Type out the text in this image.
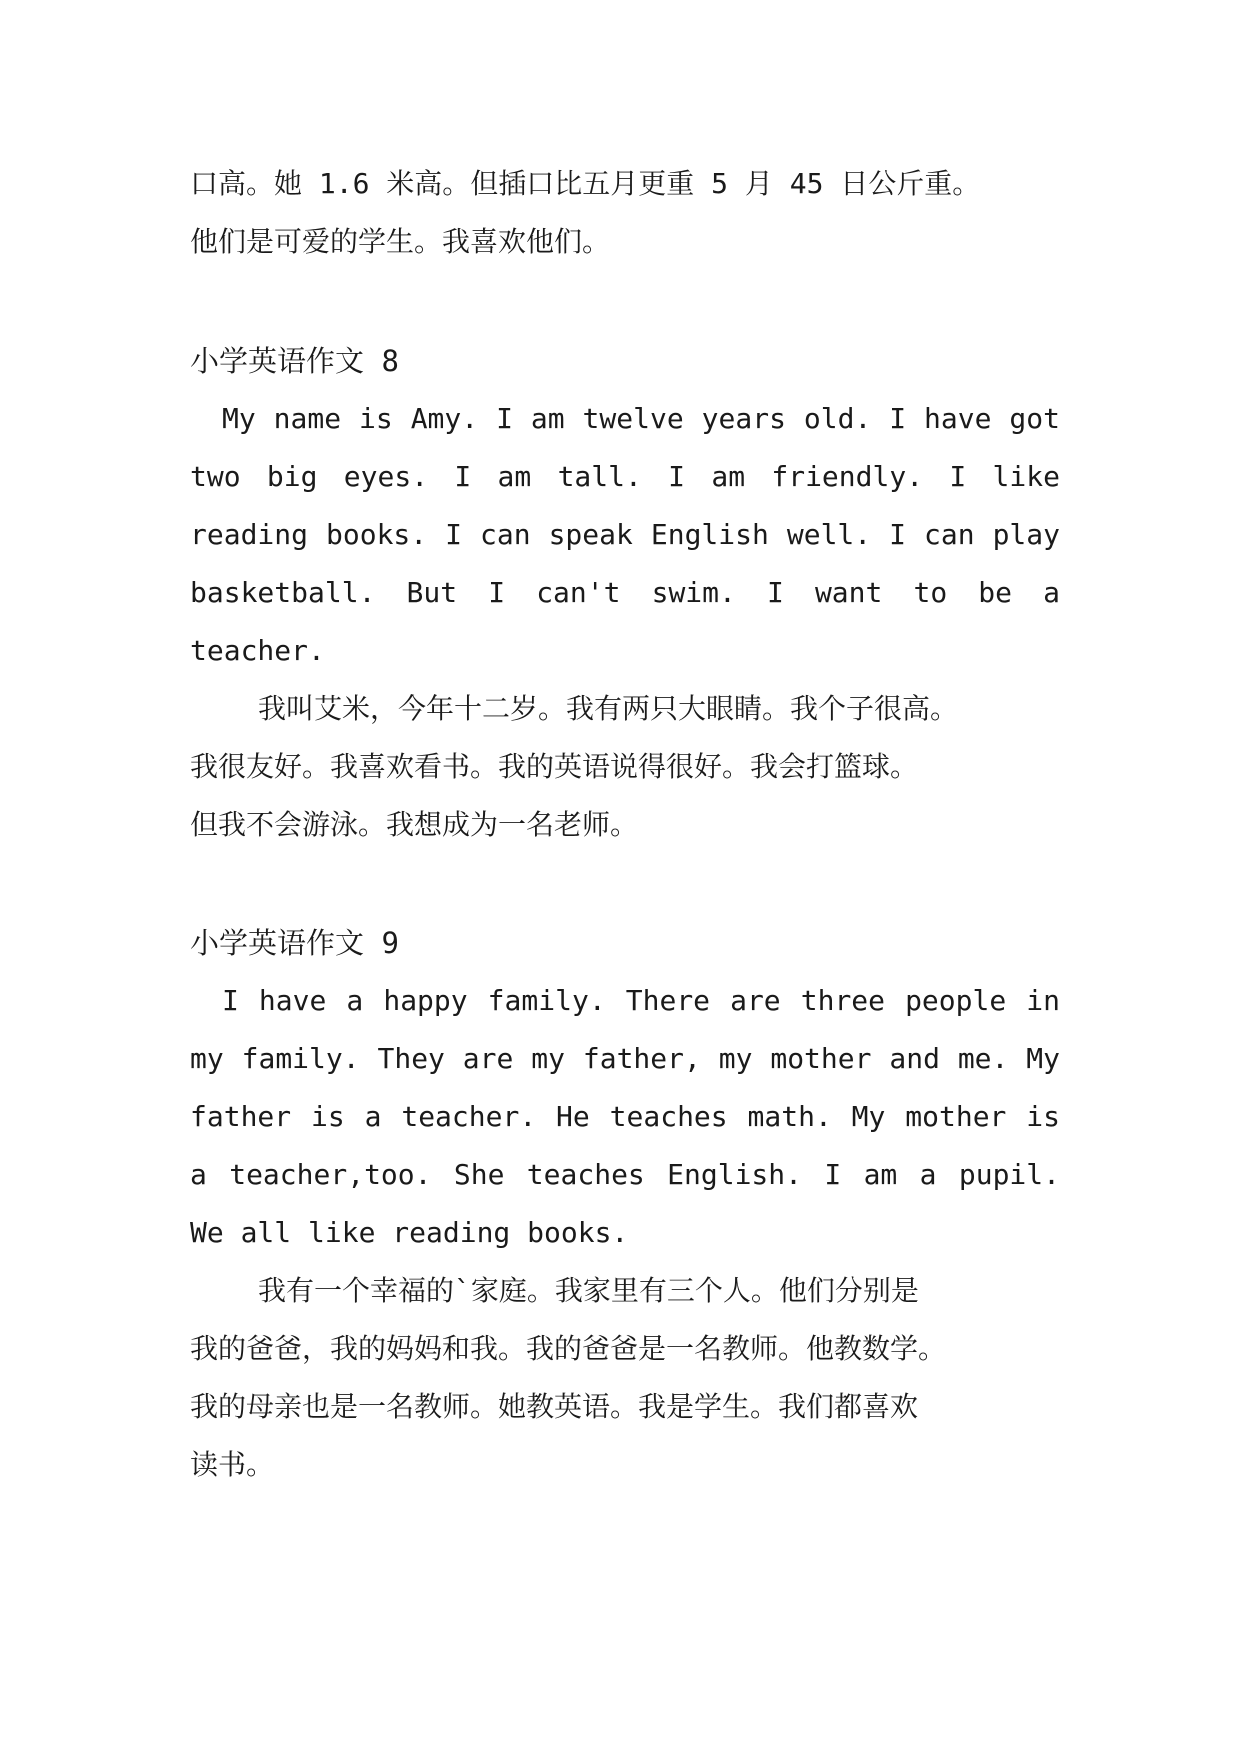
口高。她 1.6 米高。但插口比五月更重 5 月 45 日公斤重。
他们是可爱的学生。我喜欢他们。
小学英语作文 8
My name is Amy. I am twelve years old. I have got
two big eyes. I am tall. I am friendly. I like
reading books. I can speak English well. I can play
basketball. But I can't swim. I want to be a
teacher.
我叫艾米，今年十二岁。我有两只大眼睛。我个子很高。
我很友好。我喜欢看书。我的英语说得很好。我会打篮球。
但我不会游泳。我想成为一名老师。
小学英语作文 9
I have a happy family. There are three people in
my family. They are my father, my mother and me. My
father is a teacher. He teaches math. My mother is
a teacher,too. She teaches English. I am a pupil.
We all like reading books.
我有一个幸福的`家庭。我家里有三个人。他们分别是
我的爸爸，我的妈妈和我。我的爸爸是一名教师。他教数学。
我的母亲也是一名教师。她教英语。我是学生。我们都喜欢
读书。
